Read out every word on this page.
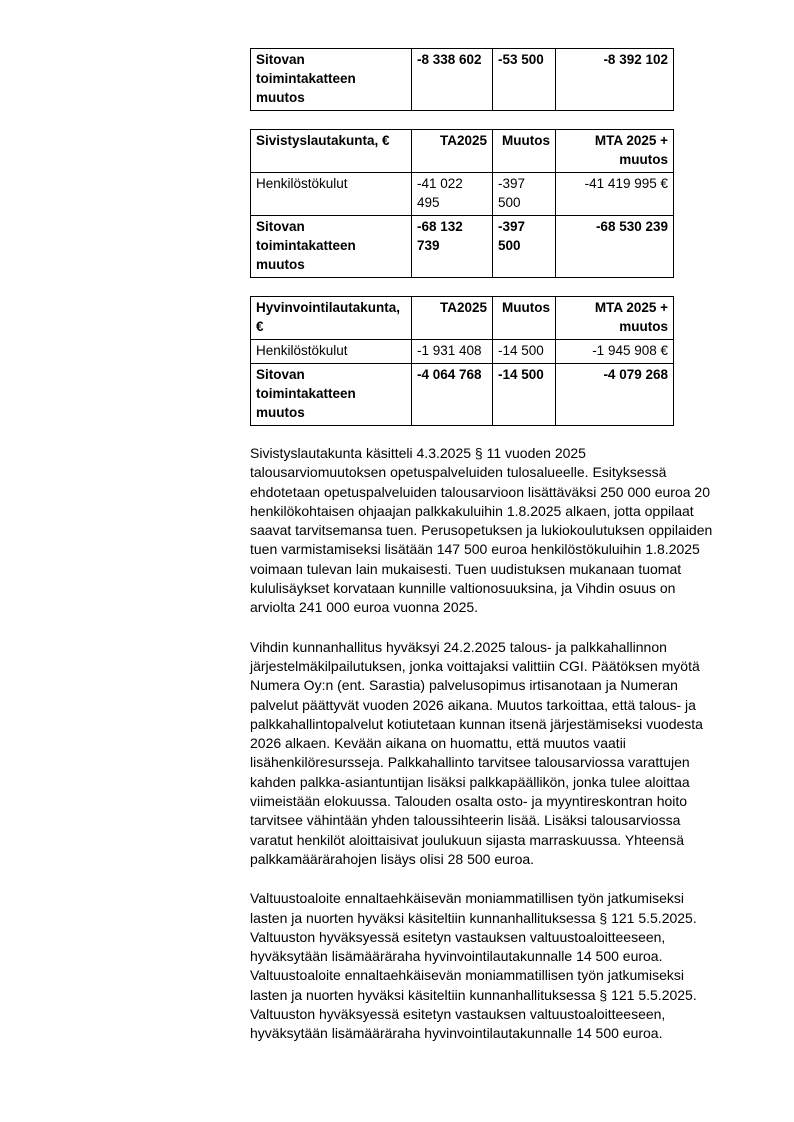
Sitovan toimintakatteen muutos	-8 338 602	-53 500	-8 392 102
Sivistyslautakunta, €	TA2025	Muutos	MTA 2025 + muutos
Henkilöstökulut	-41 022 495	-397 500	-41 419 995 €
Sitovan toimintakatteen muutos	-68 132 739	-397 500	-68 530 239
Hyvinvointilautakunta, €	TA2025	Muutos	MTA 2025 + muutos
Henkilöstökulut	-1 931 408	-14 500	-1 945 908 €
Sitovan toimintakatteen muutos	-4 064 768	-14 500	-4 079 268

Sivistyslautakunta käsitteli 4.3.2025 § 11 vuoden 2025 talousarviomuutoksen opetuspalveluiden tulosalueelle. Esityksessä ehdotetaan opetuspalveluiden talousarvioon lisättäväksi 250 000 euroa 20 henkilökohtaisen ohjaajan palkkakuluihin 1.8.2025 alkaen, jotta oppilaat saavat tarvitsemansa tuen. Perusopetuksen ja lukiokoulutuksen oppilaiden tuen varmistamiseksi lisätään 147 500 euroa henkilöstökuluihin 1.8.2025 voimaan tulevan lain mukaisesti. Tuen uudistuksen mukanaan tuomat kululisäykset korvataan kunnille valtionosuuksina, ja Vihdin osuus on arviolta 241 000 euroa vuonna 2025.

Vihdin kunnanhallitus hyväksyi 24.2.2025 talous- ja palkkahallinnon järjestelmäkilpailutuksen, jonka voittajaksi valittiin CGI. Päätöksen myötä Numera Oy:n (ent. Sarastia) palvelusopimus irtisanotaan ja Numeran palvelut päättyvät vuoden 2026 aikana. Muutos tarkoittaa, että talous- ja palkkahallintopalvelut kotiutetaan kunnan itsenä järjestämiseksi vuodesta 2026 alkaen. Kevään aikana on huomattu, että muutos vaatii lisähenkilöresursseja. Palkkahallinto tarvitsee talousarviossa varattujen kahden palkka-asiantuntijan lisäksi palkkapäällikön, jonka tulee aloittaa viimeistään elokuussa. Talouden osalta osto- ja myyntireskontran hoito tarvitsee vähintään yhden taloussihteerin lisää. Lisäksi talousarviossa varatut henkilöt aloittaisivat joulukuun sijasta marraskuussa. Yhteensä palkkamäärärahojen lisäys olisi 28 500 euroa.

Valtuustoaloite ennaltaehkäisevän moniammatillisen työn jatkumiseksi lasten ja nuorten hyväksi käsiteltiin kunnanhallituksessa § 121 5.5.2025. Valtuuston hyväksyessä esitetyn vastauksen valtuustoaloitteeseen, hyväksytään lisämääräraha hyvinvointilautakunnalle 14 500 euroa. Valtuustoaloite ennaltaehkäisevän moniammatillisen työn jatkumiseksi lasten ja nuorten hyväksi käsiteltiin kunnanhallituksessa § 121 5.5.2025. Valtuuston hyväksyessä esitetyn vastauksen valtuustoaloitteeseen, hyväksytään lisämääräraha hyvinvointilautakunnalle 14 500 euroa.
